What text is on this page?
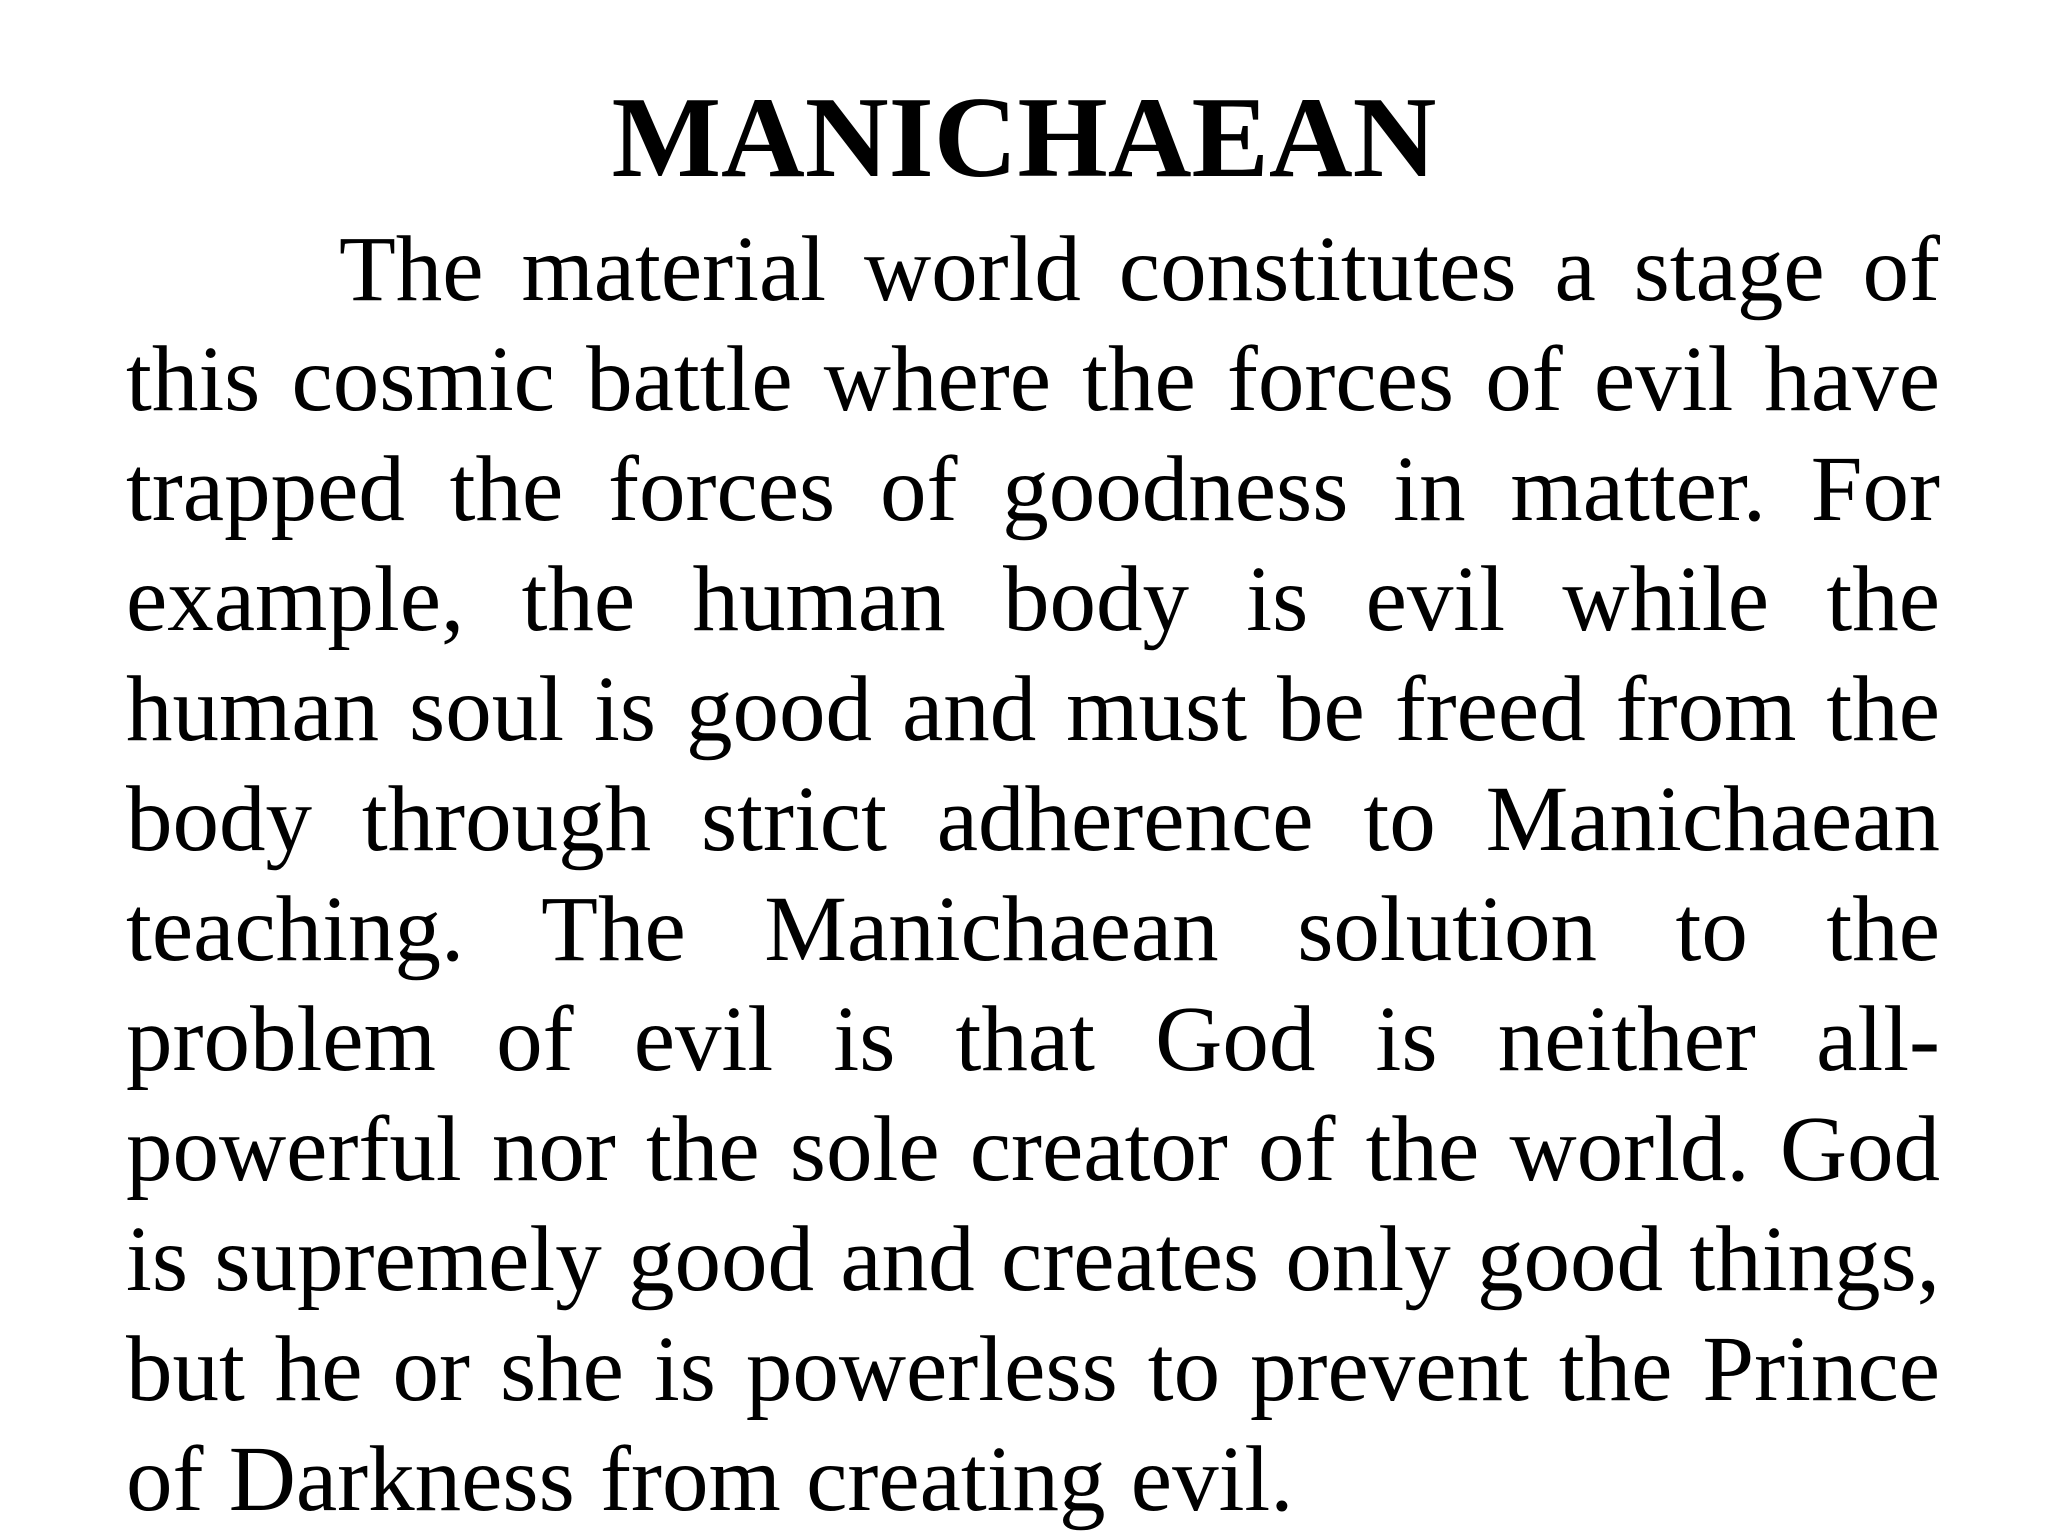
MANICHAEAN

The material world constitutes a stage of this cosmic battle where the forces of evil have trapped the forces of goodness in matter. For example, the human body is evil while the human soul is good and must be freed from the body through strict adherence to Manichaean teaching. The Manichaean solution to the problem of evil is that God is neither all-powerful nor the sole creator of the world. God is supremely good and creates only good things, but he or she is powerless to prevent the Prince of Darkness from creating evil.
